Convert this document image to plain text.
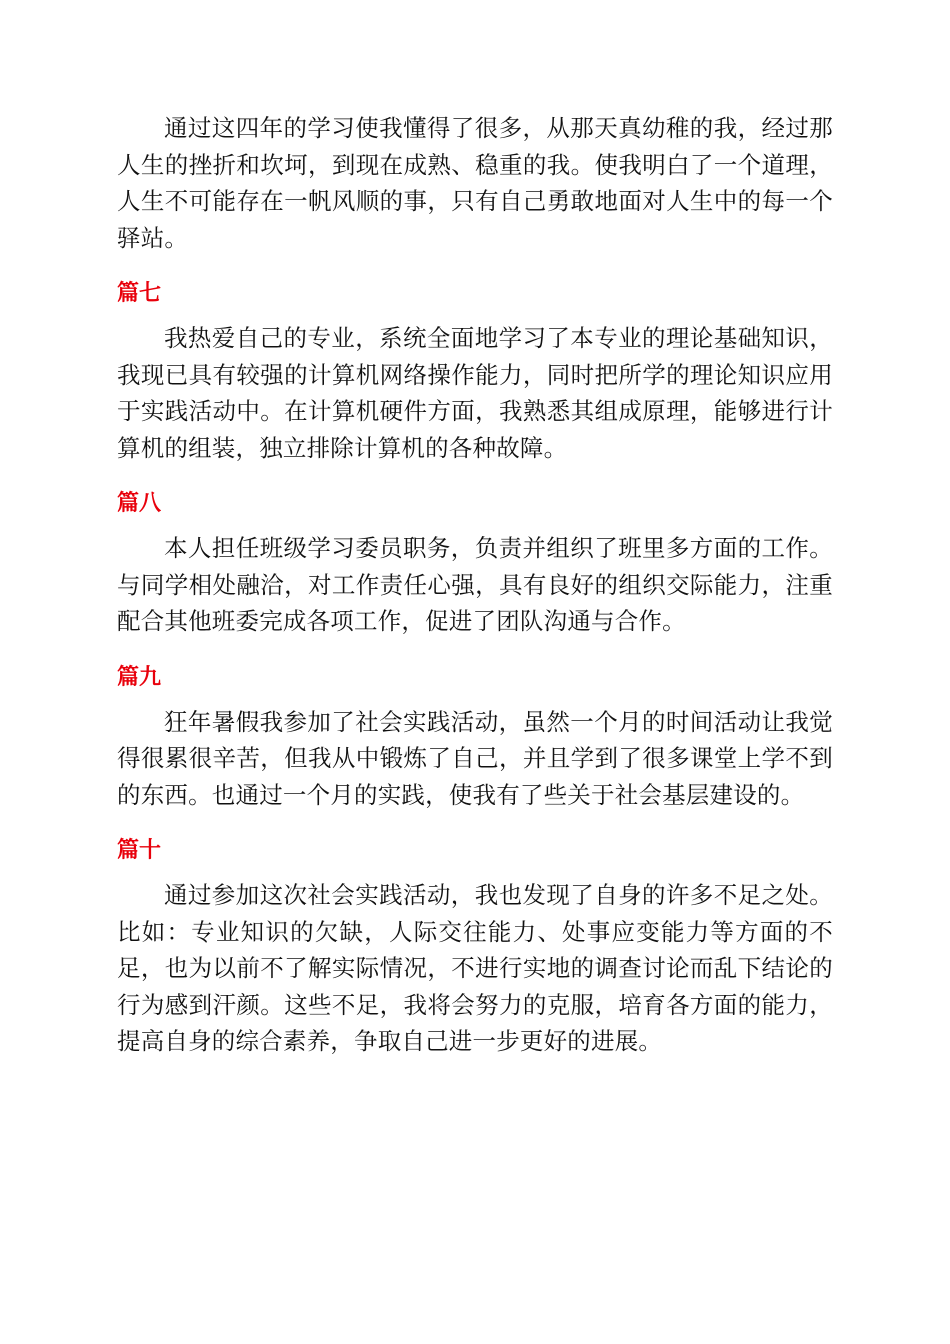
通过这四年的学习使我懂得了很多，从那天真幼稚的我，经过那人生的挫折和坎坷，到现在成熟、稳重的我。使我明白了一个道理，人生不可能存在一帆风顺的事，只有自己勇敢地面对人生中的每一个驿站。

篇七

我热爱自己的专业，系统全面地学习了本专业的理论基础知识，我现已具有较强的计算机网络操作能力，同时把所学的理论知识应用于实践活动中。在计算机硬件方面，我熟悉其组成原理，能够进行计算机的组装，独立排除计算机的各种故障。

篇八

本人担任班级学习委员职务，负责并组织了班里多方面的工作。与同学相处融洽，对工作责任心强，具有良好的组织交际能力，注重配合其他班委完成各项工作，促进了团队沟通与合作。

篇九

狂年暑假我参加了社会实践活动，虽然一个月的时间活动让我觉得很累很辛苦，但我从中锻炼了自己，并且学到了很多课堂上学不到的东西。也通过一个月的实践，使我有了些关于社会基层建设的。

篇十

通过参加这次社会实践活动，我也发现了自身的许多不足之处。比如：专业知识的欠缺，人际交往能力、处事应变能力等方面的不足，也为以前不了解实际情况，不进行实地的调查讨论而乱下结论的行为感到汗颜。这些不足，我将会努力的克服，培育各方面的能力，提高自身的综合素养，争取自己进一步更好的进展。
